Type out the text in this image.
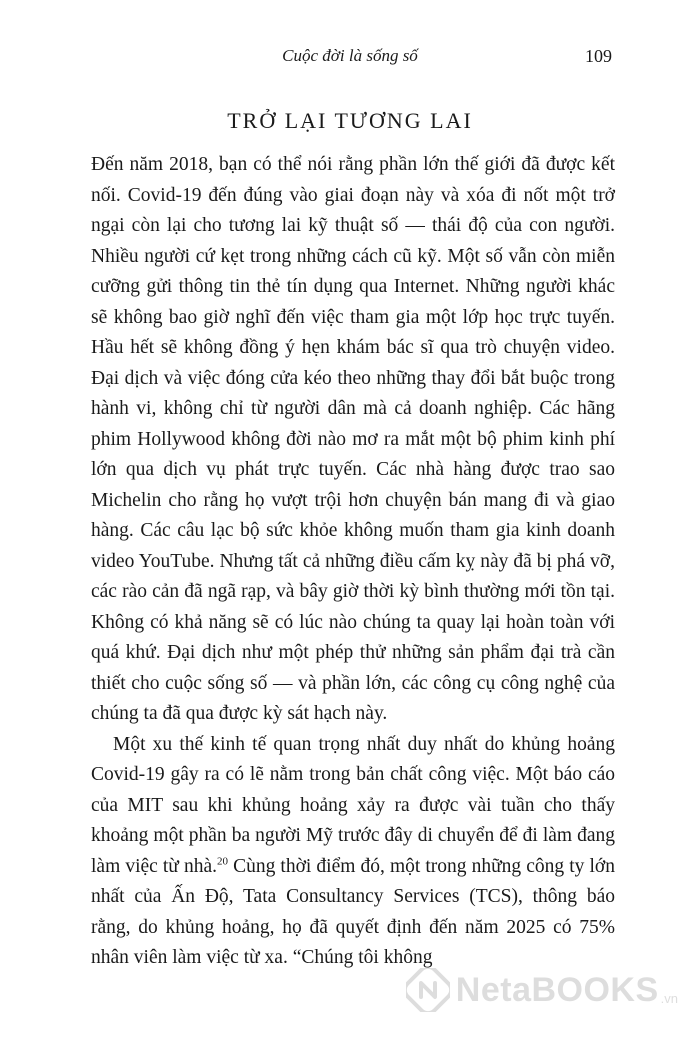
Cuộc đời là sống số	109
TRỞ LẠI TƯƠNG LAI

Đến năm 2018, bạn có thể nói rằng phần lớn thế giới đã được kết nối. Covid-19 đến đúng vào giai đoạn này và xóa đi nốt một trở ngại còn lại cho tương lai kỹ thuật số — thái độ của con người. Nhiều người cứ kẹt trong những cách cũ kỹ. Một số vẫn còn miễn cưỡng gửi thông tin thẻ tín dụng qua Internet. Những người khác sẽ không bao giờ nghĩ đến việc tham gia một lớp học trực tuyến. Hầu hết sẽ không đồng ý hẹn khám bác sĩ qua trò chuyện video. Đại dịch và việc đóng cửa kéo theo những thay đổi bắt buộc trong hành vi, không chỉ từ người dân mà cả doanh nghiệp. Các hãng phim Hollywood không đời nào mơ ra mắt một bộ phim kinh phí lớn qua dịch vụ phát trực tuyến. Các nhà hàng được trao sao Michelin cho rằng họ vượt trội hơn chuyện bán mang đi và giao hàng. Các câu lạc bộ sức khỏe không muốn tham gia kinh doanh video YouTube. Nhưng tất cả những điều cấm kỵ này đã bị phá vỡ, các rào cản đã ngã rạp, và bây giờ thời kỳ bình thường mới tồn tại. Không có khả năng sẽ có lúc nào chúng ta quay lại hoàn toàn với quá khứ. Đại dịch như một phép thử những sản phẩm đại trà cần thiết cho cuộc sống số — và phần lớn, các công cụ công nghệ của chúng ta đã qua được kỳ sát hạch này.

Một xu thế kinh tế quan trọng nhất duy nhất do khủng hoảng Covid-19 gây ra có lẽ nằm trong bản chất công việc. Một báo cáo của MIT sau khi khủng hoảng xảy ra được vài tuần cho thấy khoảng một phần ba người Mỹ trước đây di chuyển để đi làm đang làm việc từ nhà.$^{20}$ Cùng thời điểm đó, một trong những công ty lớn nhất của Ấn Độ, Tata Consultancy Services (TCS), thông báo rằng, do khủng hoảng, họ đã quyết định đến năm 2025 có 75% nhân viên làm việc từ xa. “Chúng tôi không

NetaBOOKS .vn
